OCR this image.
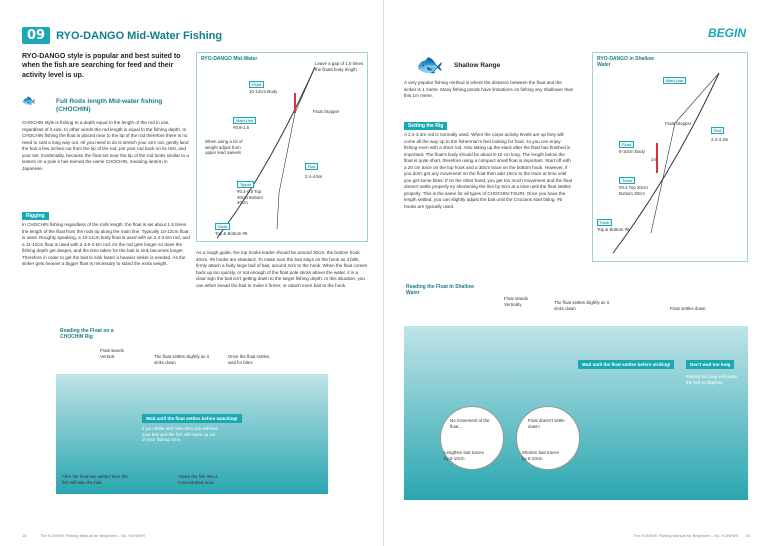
09	RYO-DANGO Mid-Water Fishing
RYO-DANGO style is popular and best suited to when the fish are searching for feed and their activity level is up.
🐟	Full Rods length Mid-water fishing (CHOCHIN)
CHOCHIN style is fishing to a depth equal to the length of the rod in use, regardless of it size. In other words the rod length is equal to the fishing depth. In CHOCHIN fishing the float is placed near to the tip of the rod therefore there is no need to cast a long way out. All you need to do is stretch your arm out, gently land the bait a few inches out from the tip of the rod, put your rod back on its rest, and your set. Incidentally, because the float set near the tip of the rod looks similar to a lantern on a pole it has earned the name CHOCHIN, meaning lantern in Japanese.
Rigging
In CHOCHIN fishing regardless of the rods length, the float is set about 1.5 times the length of the float from the rods tip along the main line. Typically 10-12cm float is used. Roughly speaking, a 10-11cm body float is used with an 2.4-3.6m rod, and a 11-12cm float is used with a 3.6-4.5m rod. As the rod gets longer so does the fishing depth get deeper, and the time taken for the bait to sink becomes longer. Therefore in order to get the bait to sink faster a heavier sinker is needed. As the sinker gets heavier a bigger float is necessary to stand the extra weight.
RYO-DANGO Mid-Water
Float
10-12cm Body
Main Line
#0.8-1.5
Leave a gap of 1.5 times the floats body length
Float Stopper
When using a lot of weight adjust from upper lead swivels
Rod
2.4-4.5m
Tippet
#0.4-0.6 Top 30cm Bottom 40cm
Hook
Top & Bottom #6
As a rough guide, the top hooks leader should be around 30cm, the bottom hook 40cm. #6 hooks are standard. To make sure the bait stays on the hook as it falls, firmly attach a fairly large ball of bait, around 2cm to the hook. When the float comes back up too quickly, or not enough of the float pole sticks above the water, it is a clear sign the bait isn't getting down to the target fishing depth. In this situation, you can either knead the bait to make it firmer, or attach more bait to the hook.
Reading the Float on a CHOCHIN Rig
Float stands Vertical	The float settles slightly as it sinks down
Once the float settles, wait for bites
Wait until the float settles before watching!
If you strike and miss then you will lose your bait and the fish will move up out of your fishing zone.
After the float has settled then the fish will take the bait.
Attack the fish into a concentrated area.
18	The KONISHI Fishing Manual for Beginners - No. KONISHI
BEGIN
🐟 Shallow Range
A very popular fishing method is where the distance between the float and the sinker is 1 metre. Many fishing ponds have limitations on fishing any shallower than this 1m metre.
Setting the Rig
A 2.4-3.3m rod is normally used. When the carps activity levels are up they will come all the way up to the fisherman's feet looking for food, so you can enjoy fishing even with a short rod. Also taking up the slack after the float has finished is important. The float's body should be about 8-10 cm long. The length below the float is quite short, therefore using a compact small float is important. Start off with a 20 cm trace on the top hook and a 30cm trace on the bottom hook. However, if you don't get any movement on the float then add 10cm to the trace at time until you get some bites. If on the other hand, you get too much movement and the float doesn't settle properly try shortening the line by 5cm at a time until the float settles properly. This is the same for all types of CHOCHIN-TSURI. Once you have the length settled, you can slightly adjust the bait until the Crucians start biting. #5 hooks are typically used.
RYO-DANGO in Shallow Water
Main Line
Float
8-10cm Body
Float Stopper
Rod
2.4-3.3m
1m
Trace
#0.4 Top 20cm Bottom 30cm
Hook
Top & Bottom #5
Reading the Float In Shallow Water
Float stands Vertically	The float settles slightly as it sinks down	Float settles down
Wait until the float settles before striking!	Don't wait too long
Waiting too long will cause the fish to disperse
No movement of the float...
Lengthen bait traces by 5-10cm
Float doesn't settle down!
Shorten bait traces by 5-10cm
The KONISHI Fishing Manual for Beginners - No. KONISHI 19
